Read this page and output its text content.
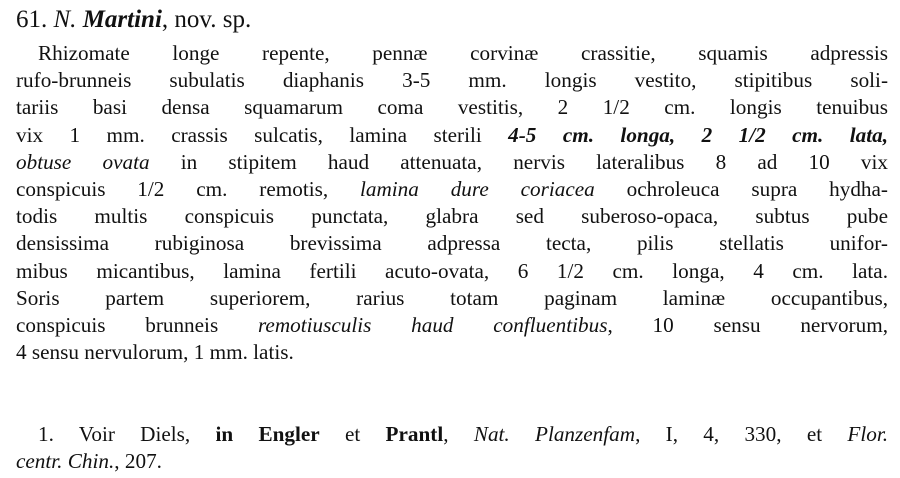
61. N. Martini, nov. sp.
Rhizomate longe repente, pennæ corvinæ crassitie, squamis adpressis
rufo-brunneis subulatis diaphanis 3-5 mm. longis vestito, stipitibus soli-
tariis basi densa squamarum coma vestitis, 2 1/2 cm. longis tenuibus
vix 1 mm. crassis sulcatis, lamina sterili 4-5 cm. longa, 2 1/2 cm. lata,
obtuse ovata in stipitem haud attenuata, nervis lateralibus 8 ad 10 vix
conspicuis 1/2 cm. remotis, lamina dure coriacea ochroleuca supra hydha-
todis multis conspicuis punctata, glabra sed suberoso-opaca, subtus pube
densissima rubiginosa brevissima adpressa tecta, pilis stellatis unifor-
mibus micantibus, lamina fertili acuto-ovata, 6 1/2 cm. longa, 4 cm. lata.
Soris partem superiorem, rarius totam paginam laminæ occupantibus,
conspicuis brunneis remotiusculis haud confluentibus, 10 sensu nervorum,
4 sensu nervulorum, 1 mm. latis.
1. Voir Diels, in Engler et Prantl, Nat. Planzenfam, I, 4, 330, et Flor.
centr. Chin., 207.
